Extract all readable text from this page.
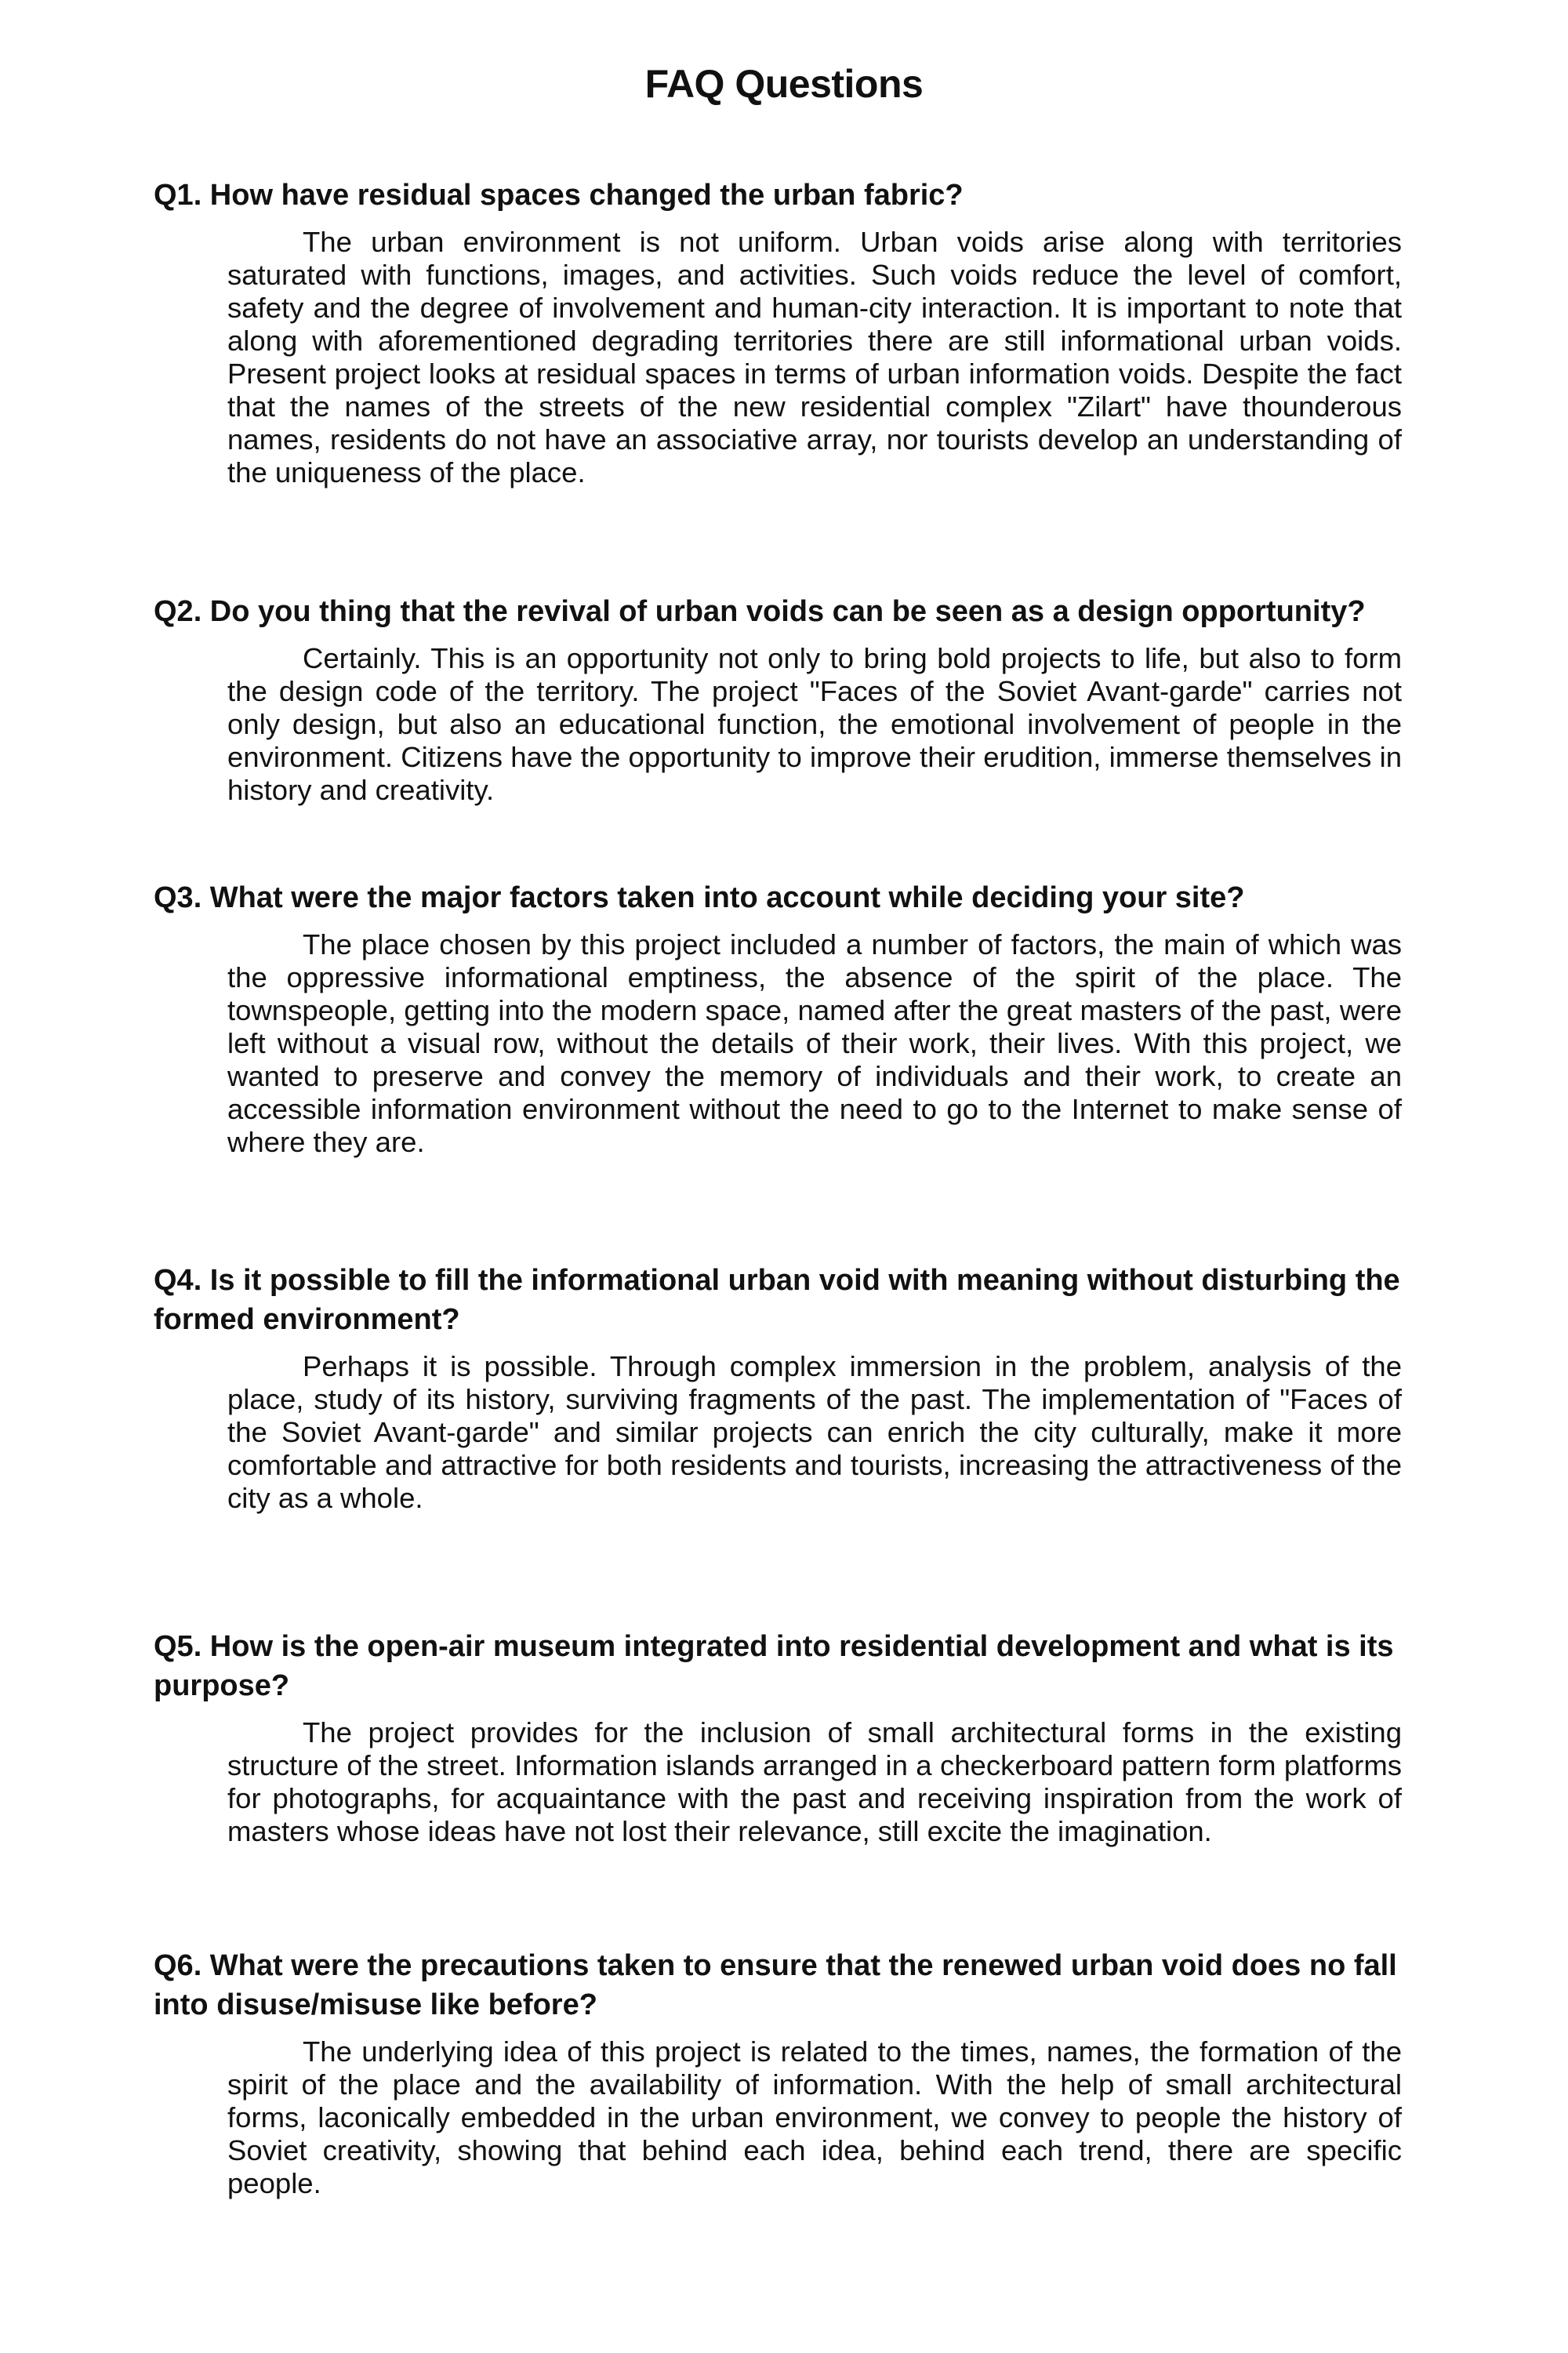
FAQ Questions

Q1. How have residual spaces changed the urban fabric?

The urban environment is not uniform. Urban voids arise along with territories saturated with functions, images, and activities. Such voids reduce the level of comfort, safety and the degree of involvement and human-city interaction. It is important to note that along with aforementioned degrading territories there are still informational urban voids. Present project looks at residual spaces in terms of urban information voids. Despite the fact that the names of the streets of the new residential complex "Zilart" have thounderous names, residents do not have an associative array, nor tourists develop an understanding of the uniqueness of the place.

Q2. Do you thing that the revival of urban voids can be seen as a design opportunity?

Certainly. This is an opportunity not only to bring bold projects to life, but also to form the design code of the territory. The project "Faces of the Soviet Avant-garde" carries not only design, but also an educational function, the emotional involvement of people in the environment. Citizens have the opportunity to improve their erudition, immerse themselves in history and creativity.

Q3. What were the major factors taken into account while deciding your site?

The place chosen by this project included a number of factors, the main of which was the oppressive informational emptiness, the absence of the spirit of the place. The townspeople, getting into the modern space, named after the great masters of the past, were left without a visual row, without the details of their work, their lives. With this project, we wanted to preserve and convey the memory of individuals and their work, to create an accessible information environment without the need to go to the Internet to make sense of where they are.

Q4. Is it possible to fill the informational urban void with meaning without disturbing the formed environment?

Perhaps it is possible. Through complex immersion in the problem, analysis of the place, study of its history, surviving fragments of the past. The implementation of "Faces of the Soviet Avant-garde" and similar projects can enrich the city culturally, make it more comfortable and attractive for both residents and tourists, increasing the attractiveness of the city as a whole.

Q5. How is the open-air museum integrated into residential development and what is its purpose?

The project provides for the inclusion of small architectural forms in the existing structure of the street. Information islands arranged in a checkerboard pattern form platforms for photographs, for acquaintance with the past and receiving inspiration from the work of masters whose ideas have not lost their relevance, still excite the imagination.

Q6. What were the precautions taken to ensure that the renewed urban void does no fall into disuse/misuse like before?

The underlying idea of this project is related to the times, names, the formation of the spirit of the place and the availability of information. With the help of small architectural forms, laconically embedded in the urban environment, we convey to people the history of Soviet creativity, showing that behind each idea, behind each trend, there are specific people.
